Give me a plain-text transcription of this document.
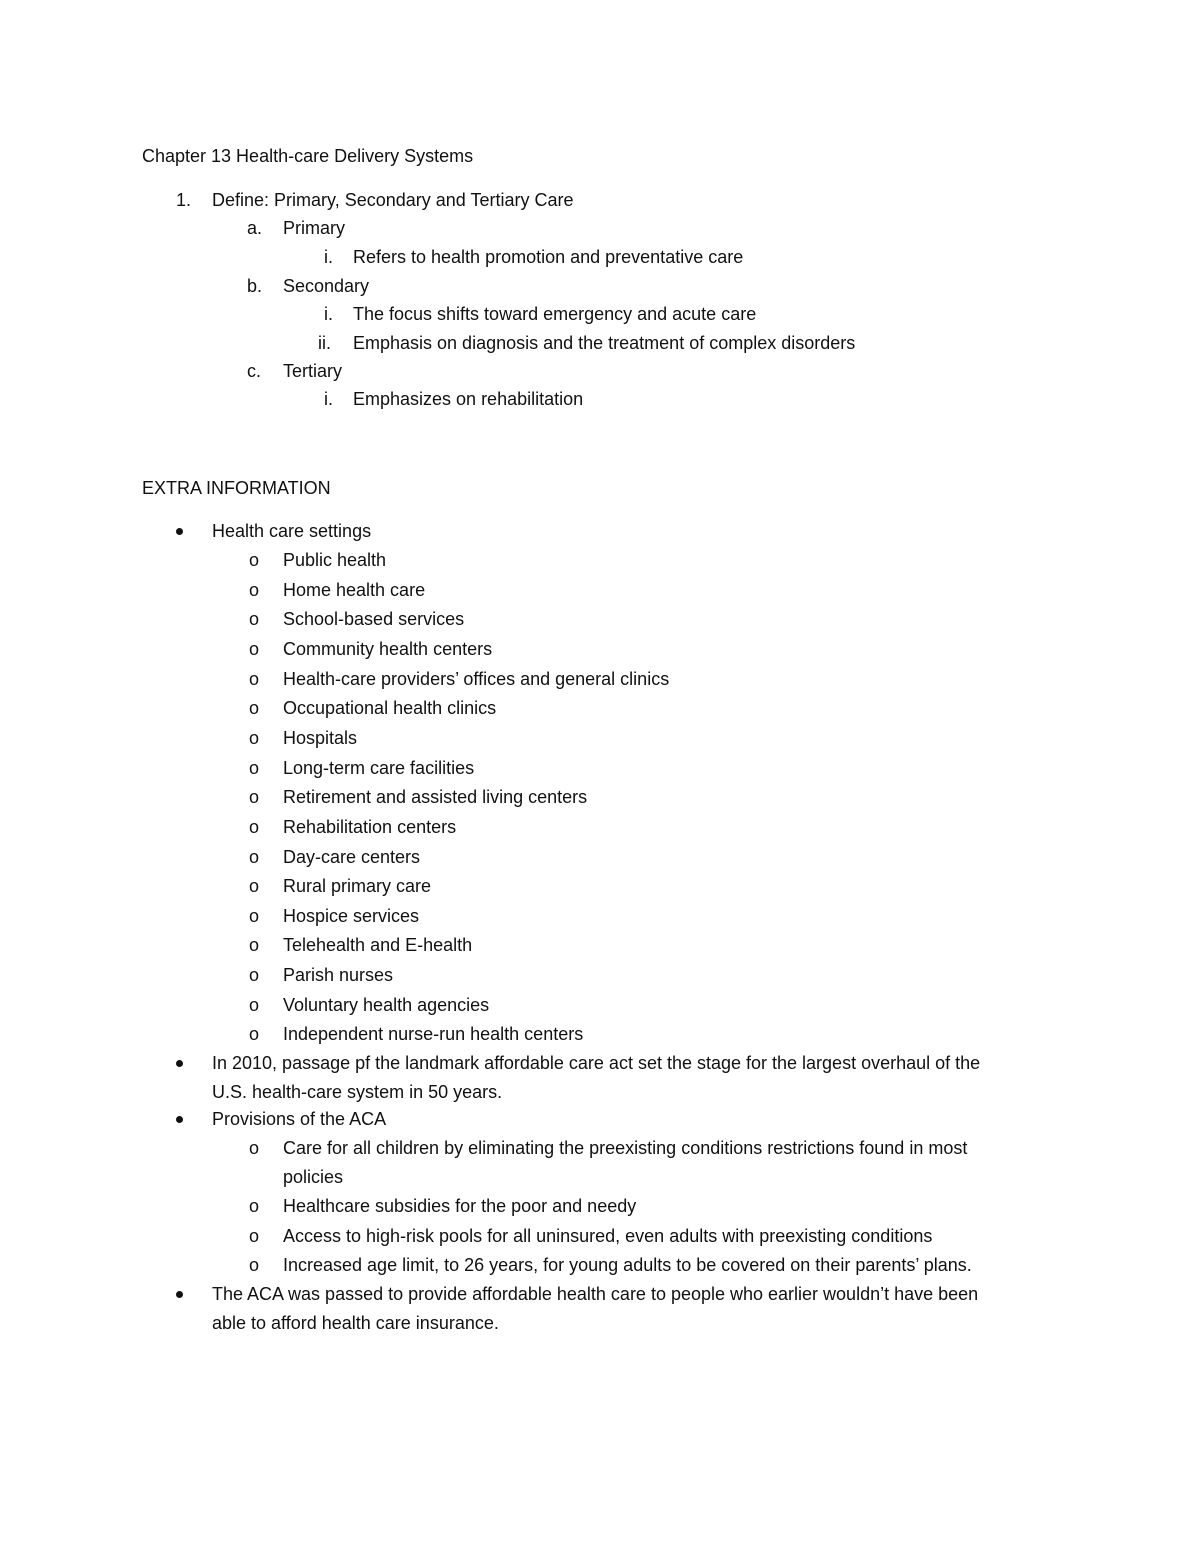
Chapter 13 Health-care Delivery Systems
1. Define: Primary, Secondary and Tertiary Care
a. Primary
i. Refers to health promotion and preventative care
b. Secondary
i. The focus shifts toward emergency and acute care
ii. Emphasis on diagnosis and the treatment of complex disorders
c. Tertiary
i. Emphasizes on rehabilitation
EXTRA INFORMATION
Health care settings
o Public health
o Home health care
o School-based services
o Community health centers
o Health-care providers’ offices and general clinics
o Occupational health clinics
o Hospitals
o Long-term care facilities
o Retirement and assisted living centers
o Rehabilitation centers
o Day-care centers
o Rural primary care
o Hospice services
o Telehealth and E-health
o Parish nurses
o Voluntary health agencies
o Independent nurse-run health centers
In 2010, passage pf the landmark affordable care act set the stage for the largest overhaul of the
U.S. health-care system in 50 years.
Provisions of the ACA
o Care for all children by eliminating the preexisting conditions restrictions found in most
policies
o Healthcare subsidies for the poor and needy
o Access to high-risk pools for all uninsured, even adults with preexisting conditions
o Increased age limit, to 26 years, for young adults to be covered on their parents’ plans.
The ACA was passed to provide affordable health care to people who earlier wouldn’t have been
able to afford health care insurance.
